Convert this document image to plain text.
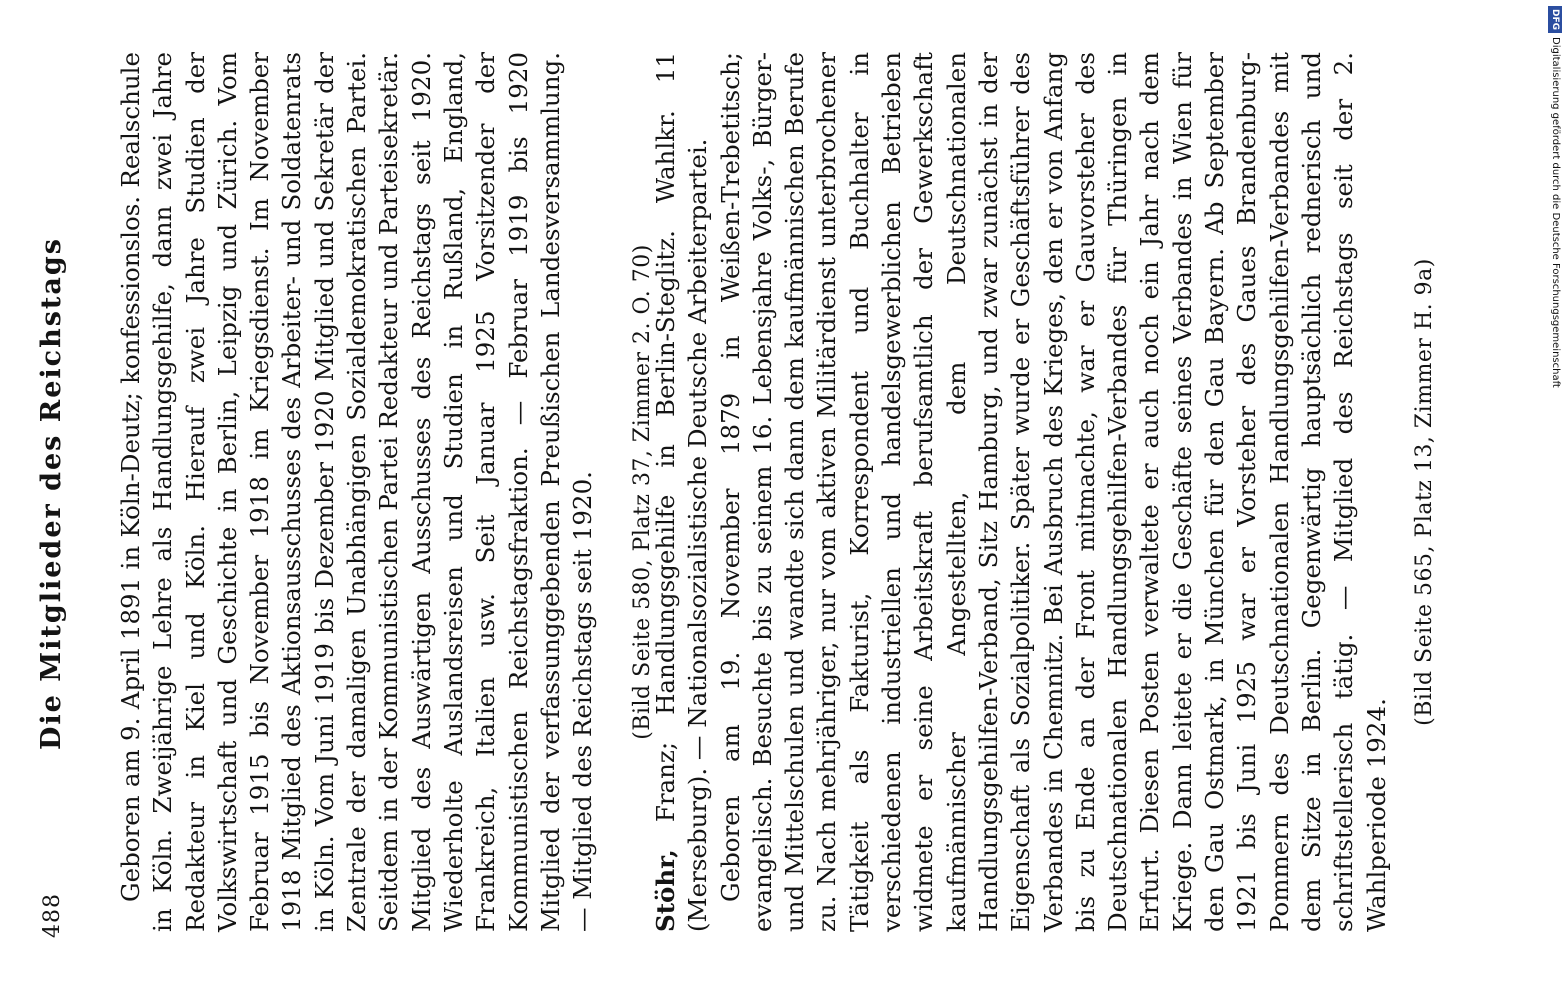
488
Die Mitglieder des Reichstags Geboren am 9. April 1891 in Köln-Deutz; konfessionslos. Realschule in Köln. Zweijährige Lehre als Handlungsgehilfe, dann zwei Jahre Redakteur in Kiel und Köln. Hierauf zwei Jahre Studien der Volkswirtschaft und Geschichte in Berlin, Leipzig und Zürich. Vom Februar 1915 bis November 1918 im Kriegsdienst. Im November 1918 Mitglied des Aktionsausschusses des Arbeiter- und Soldatenrats in Köln. Vom Juni 1919 bis Dezember 1920 Mitglied und Sekretär der Zentrale der damaligen Unabhängigen Sozialdemokratischen Partei. Seitdem in der Kommunistischen Partei Redakteur und Parteisekretär. Mitglied des Auswärtigen Ausschusses des Reichstags seit 1920. Wiederholte Auslandsreisen und Studien in Rußland, England, Frankreich, Italien usw. Seit Januar 1925 Vorsitzender der Kommunistischen Reichstagsfraktion. — Februar 1919 bis 1920 Mitglied der verfassunggebenden Preußischen Landesversammlung. — Mitglied des Reichstags seit 1920. (Bild Seite 580, Platz 37, Zimmer 2. O. 70)

Stöhr, Franz; Handlungsgehilfe in Berlin-Steglitz. Wahlkr. 11 (Merseburg). — Nationalsozialistische Deutsche Arbeiterpartei. Geboren am 19. November 1879 in Weißen-Trebetitsch; evangelisch. Besuchte bis zu seinem 16. Lebensjahre Volks-, Bürger- und Mittelschulen und wandte sich dann dem kaufmännischen Berufe zu. Nach mehrjähriger, nur vom aktiven Militärdienst unterbrochener Tätigkeit als Fakturist, Korrespondent und Buchhalter in verschiedenen industriellen und handelsgewerblichen Betrieben widmete er seine Arbeitskraft berufsamtlich der Gewerkschaft kaufmännischer Angestellten, dem Deutschnationalen Handlungsgehilfen-Verband, Sitz Hamburg, und zwar zunächst in der Eigenschaft als Sozialpolitiker. Später wurde er Geschäftsführer des Verbandes in Chemnitz. Bei Ausbruch des Krieges, den er von Anfang bis zu Ende an der Front mitmachte, war er Gauvorsteher des Deutschnationalen Handlungsgehilfen-Verbandes für Thüringen in Erfurt. Diesen Posten verwaltete er auch noch ein Jahr nach dem Kriege. Dann leitete er die Geschäfte seines Verbandes in Wien für den Gau Ostmark, in München für den Gau Bayern. Ab September 1921 bis Juni 1925 war er Vorsteher des Gaues Brandenburg-Pommern des Deutschnationalen Handlungsgehilfen-Verbandes mit dem Sitze in Berlin. Gegenwärtig hauptsächlich rednerisch und schriftstellerisch tätig. — Mitglied des Reichstags seit der 2. Wahlperiode 1924.

(Bild Seite 565, Platz 13, Zimmer H. 9a)
DFGDigitalisierung gefördert durch die Deutsche Forschungsgemeinschaft
